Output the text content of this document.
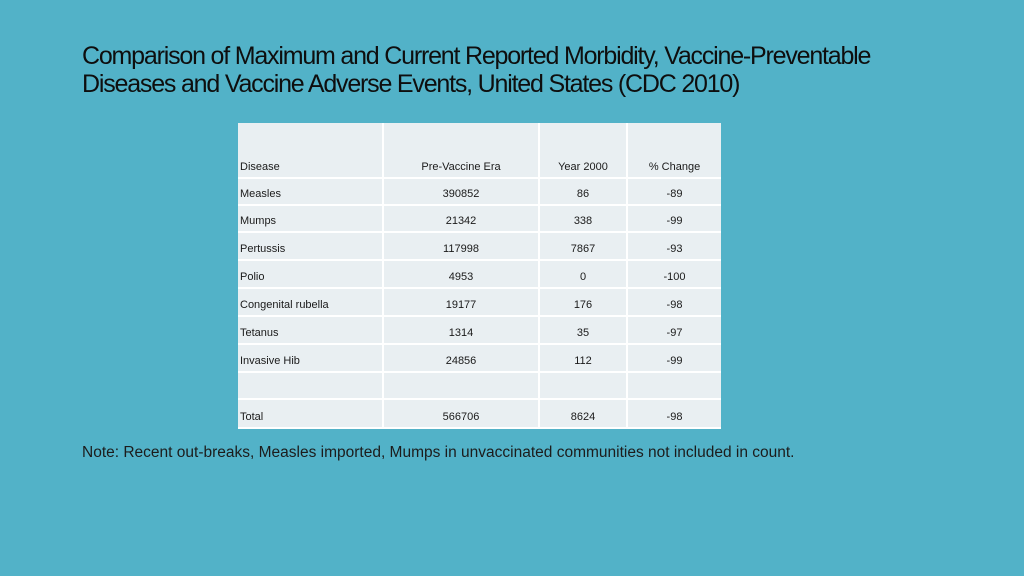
Comparison of Maximum and Current Reported Morbidity, Vaccine-Preventable
Diseases and Vaccine Adverse Events, United States (CDC 2010)
Disease	Pre-Vaccine Era	Year 2000	% Change
Measles	390852	86	-89
Mumps	21342	338	-99
Pertussis	117998	7867	-93
Polio	4953	0	-100
Congenital rubella	19177	176	-98
Tetanus	1314	35	-97
Invasive Hib	24856	112	-99

Total	566706	8624	-98

Note: Recent out-breaks, Measles imported, Mumps in unvaccinated communities not included in count.
